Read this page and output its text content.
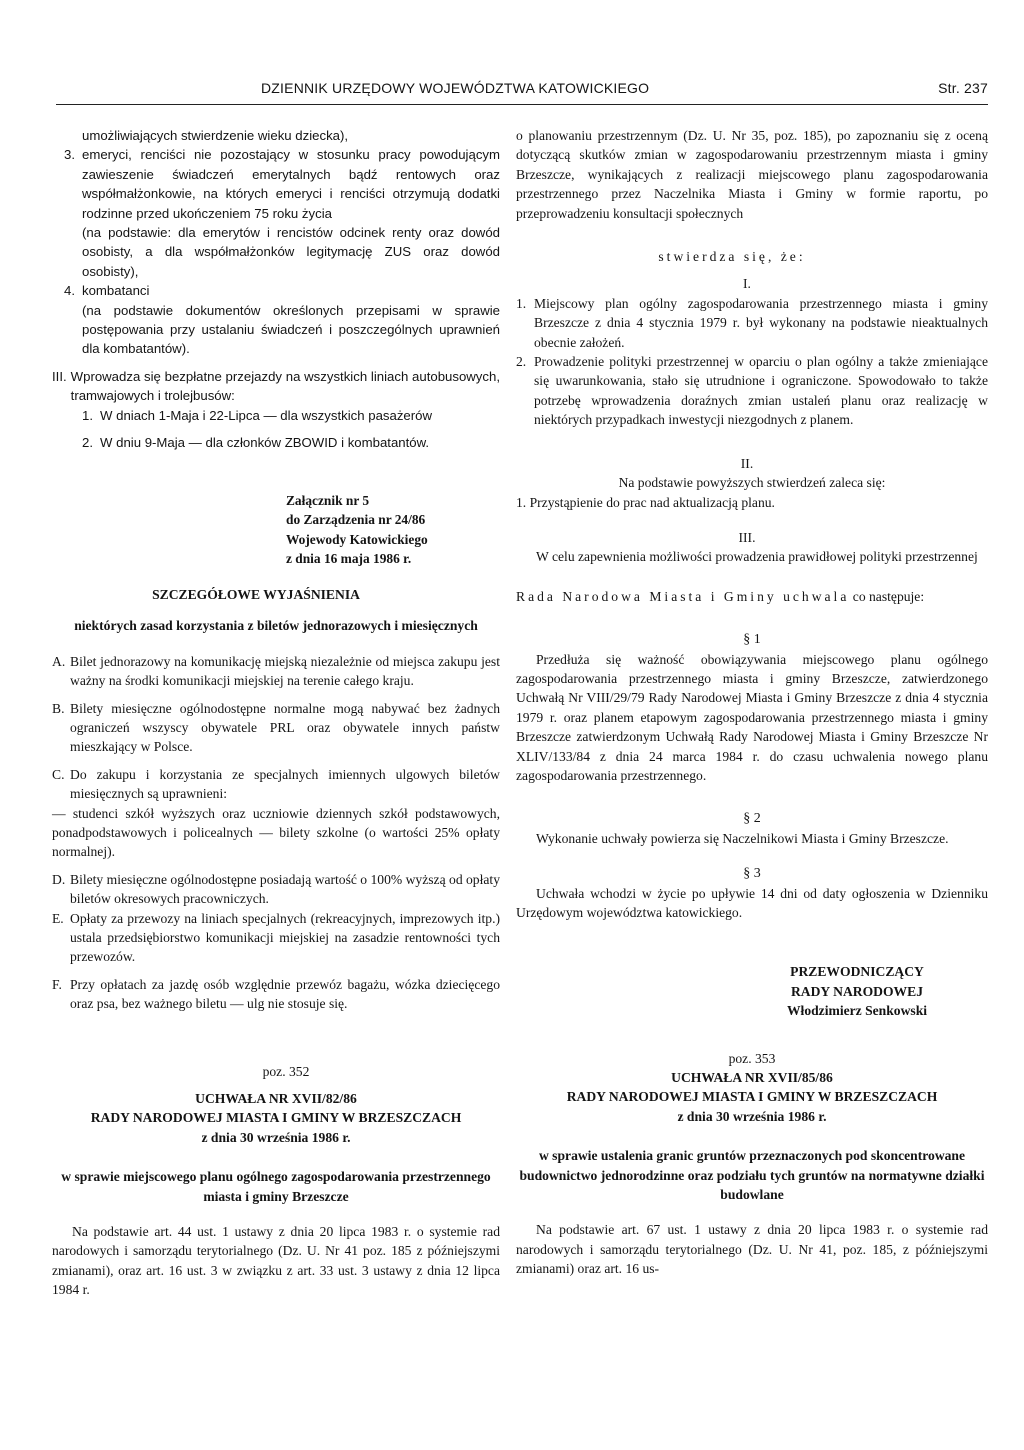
DZIENNIK URZĘDOWY WOJEWÓDZTWA KATOWICKIEGO	Str. 237

umożliwiających stwierdzenie wieku dziecka),

3. emeryci, renciści nie pozostający w stosunku pracy powodującym zawieszenie świadczeń emerytalnych bądź rentowych oraz współmałżonkowie, na których emeryci i renciści otrzymują dodatki rodzinne przed ukończeniem 75 roku życia

(na podstawie: dla emerytów i rencistów odcinek renty oraz dowód osobisty, a dla współmałżonków legitymację ZUS oraz dowód osobisty),

4. kombatanci

(na podstawie dokumentów określonych przepisami w sprawie postępowania przy ustalaniu świadczeń i poszczególnych uprawnień dla kombatantów).

III. Wprowadza się bezpłatne przejazdy na wszystkich liniach autobusowych, tramwajowych i trolejbusów:
1. W dniach 1-Maja i 22-Lipca — dla wszystkich pasażerów
2. W dniu 9-Maja — dla członków ZBOWID i kombatantów.
Załącznik nr 5
do Zarządzenia nr 24/86
Wojewody Katowickiego
z dnia 16 maja 1986 r.

SZCZEGÓŁOWE WYJAŚNIENIA

niektórych zasad korzystania z biletów jednorazowych i miesięcznych

A. Bilet jednorazowy na komunikację miejską niezależnie od miejsca zakupu jest ważny na środki komunikacji miejskiej na terenie całego kraju.
B. Bilety miesięczne ogólnodostępne normalne mogą nabywać bez żadnych ograniczeń wszyscy obywatele PRL oraz obywatele innych państw mieszkający w Polsce.
C. Do zakupu i korzystania ze specjalnych imiennych ulgowych biletów miesięcznych są uprawnieni:

— studenci szkół wyższych oraz uczniowie dziennych szkół podstawowych, ponadpodstawowych i policealnych — bilety szkolne (o wartości 25% opłaty normalnej).

D. Bilety miesięczne ogólnodostępne posiadają wartość o 100% wyższą od opłaty biletów okresowych pracowniczych.
E. Opłaty za przewozy na liniach specjalnych (rekreacyjnych, imprezowych itp.) ustala przedsiębiorstwo komunikacji miejskiej na zasadzie rentowności tych przewozów.
F. Przy opłatach za jazdę osób względnie przewóz bagażu, wózka dziecięcego oraz psa, bez ważnego biletu — ulg nie stosuje się.

poz. 352

UCHWAŁA NR XVII/82/86

RADY NARODOWEJ MIASTA I GMINY W BRZESZCZACH

z dnia 30 września 1986 r.

w sprawie miejscowego planu ogólnego zagospodarowania przestrzennego miasta i gminy Brzeszcze

Na podstawie art. 44 ust. 1 ustawy z dnia 20 lipca 1983 r. o systemie rad narodowych i samorządu terytorialnego (Dz. U. Nr 41 poz. 185 z późniejszymi zmianami), oraz art. 16 ust. 3 w związku z art. 33 ust. 3 ustawy z dnia 12 lipca 1984 r.

o planowaniu przestrzennym (Dz. U. Nr 35, poz. 185), po zapoznaniu się z oceną dotyczącą skutków zmian w zagospodarowaniu przestrzennym miasta i gminy Brzeszcze, wynikających z realizacji miejscowego planu zagospodarowania przestrzennego przez Naczelnika Miasta i Gminy w formie raportu, po przeprowadzeniu konsultacji społecznych

stwierdza się, że:

I.

1. Miejscowy plan ogólny zagospodarowania przestrzennego miasta i gminy Brzeszcze z dnia 4 stycznia 1979 r. był wykonany na podstawie nieaktualnych obecnie założeń.
2. Prowadzenie polityki przestrzennej w oparciu o plan ogólny a także zmieniające się uwarunkowania, stało się utrudnione i ograniczone. Spowodowało to także potrzebę wprowadzenia doraźnych zmian ustaleń planu oraz realizację w niektórych przypadkach inwestycji niezgodnych z planem.

II.

Na podstawie powyższych stwierdzeń zaleca się:

1. Przystąpienie do prac nad aktualizacją planu.

III.

W celu zapewnienia możliwości prowadzenia prawidłowej polityki przestrzennej

Rada Narodowa Miasta i Gminy uchwala co następuje:

§ 1

Przedłuża się ważność obowiązywania miejscowego planu ogólnego zagospodarowania przestrzennego miasta i gminy Brzeszcze, zatwierdzonego Uchwałą Nr VIII/29/79 Rady Narodowej Miasta i Gminy Brzeszcze z dnia 4 stycznia 1979 r. oraz planem etapowym zagospodarowania przestrzennego miasta i gminy Brzeszcze zatwierdzonym Uchwałą Rady Narodowej Miasta i Gminy Brzeszcze Nr XLIV/133/84 z dnia 24 marca 1984 r. do czasu uchwalenia nowego planu zagospodarowania przestrzennego.

§ 2

Wykonanie uchwały powierza się Naczelnikowi Miasta i Gminy Brzeszcze.

§ 3

Uchwała wchodzi w życie po upływie 14 dni od daty ogłoszenia w Dzienniku Urzędowym województwa katowickiego.

PRZEWODNICZĄCY

RADY NARODOWEJ

Włodzimierz Senkowski

poz. 353

UCHWAŁA NR XVII/85/86

RADY NARODOWEJ MIASTA I GMINY W BRZESZCZACH

z dnia 30 września 1986 r.

w sprawie ustalenia granic gruntów przeznaczonych pod skoncentrowane budownictwo jednorodzinne oraz podziału tych gruntów na normatywne działki budowlane

Na podstawie art. 67 ust. 1 ustawy z dnia 20 lipca 1983 r. o systemie rad narodowych i samorządu terytorialnego (Dz. U. Nr 41, poz. 185, z późniejszymi zmianami) oraz art. 16 us-
